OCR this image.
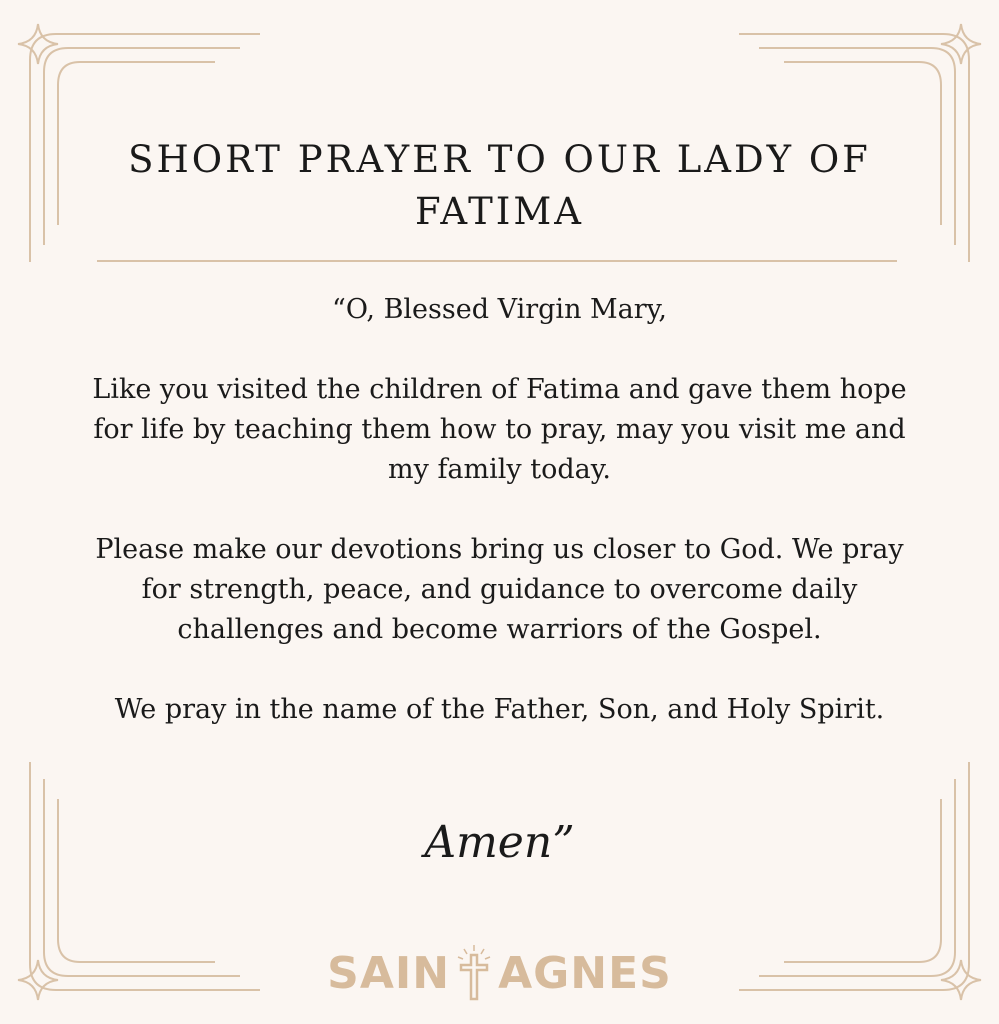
SHORT PRAYER TO OUR LADY OF
FATIMA

“O, Blessed Virgin Mary,

Like you visited the children of Fatima and gave them hope for life by teaching them how to pray, may you visit me and my family today.

Please make our devotions bring us closer to God. We pray for strength, peace, and guidance to overcome daily challenges and become warriors of the Gospel.

We pray in the name of the Father, Son, and Holy Spirit.

Amen”
SAIN AGNES
